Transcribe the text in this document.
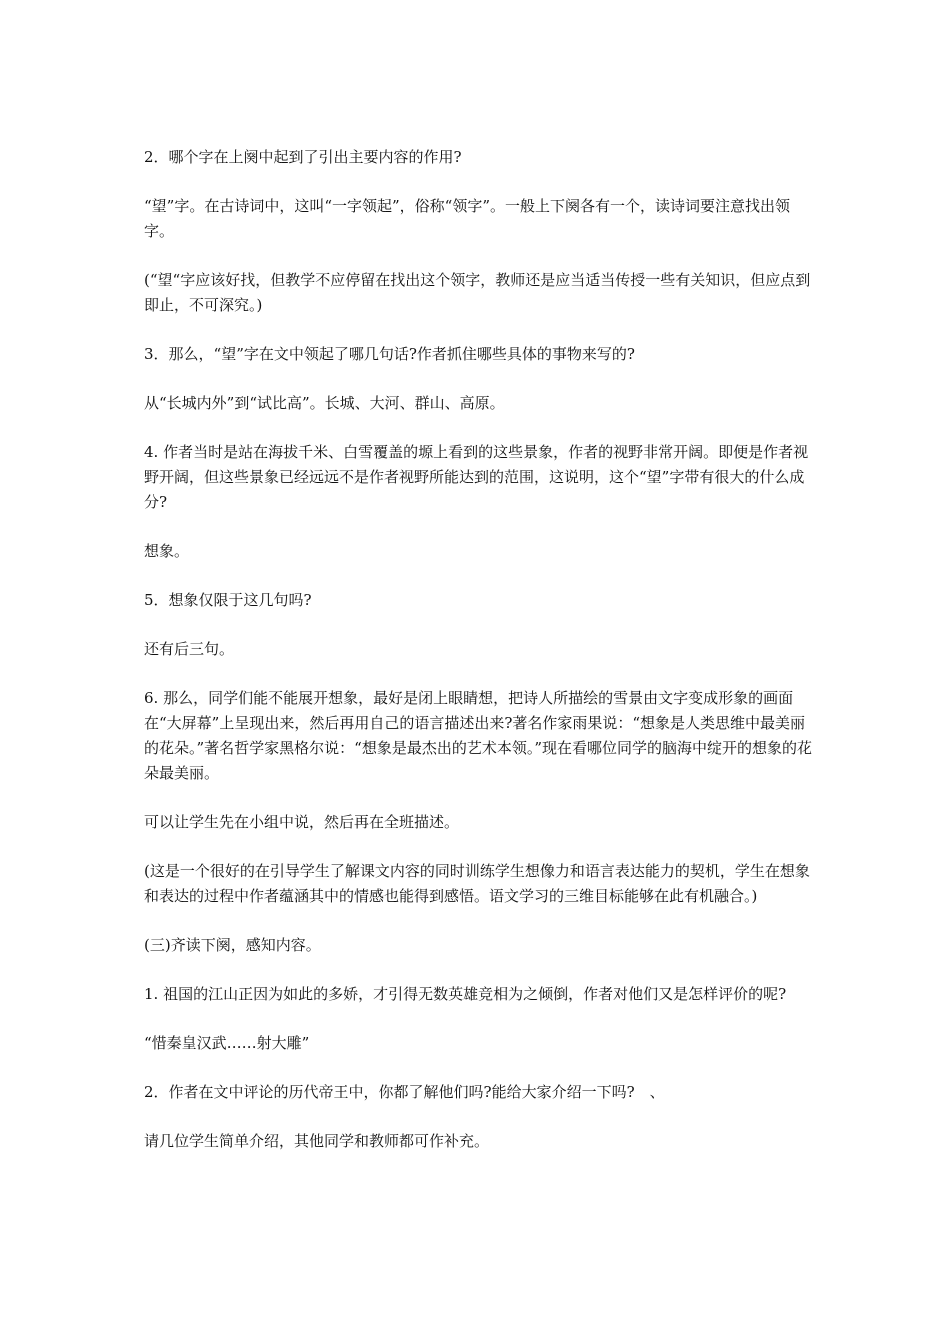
2．哪个字在上阕中起到了引出主要内容的作用?

“望”字。在古诗词中，这叫“一字领起”，俗称“领字”。一般上下阕各有一个，读诗词要注意找出领字。

(“望“字应该好找，但教学不应停留在找出这个领字，教师还是应当适当传授一些有关知识，但应点到即止，不可深究。)

3．那么，“望”字在文中领起了哪几句话?作者抓住哪些具体的事物来写的?

从“长城内外”到“试比高”。长城、大河、群山、高原。

4. 作者当时是站在海拔千米、白雪覆盖的塬上看到的这些景象，作者的视野非常开阔。即便是作者视野开阔，但这些景象已经远远不是作者视野所能达到的范围，这说明，这个“望”字带有很大的什么成分?

想象。

5．想象仅限于这几句吗?

还有后三句。

6. 那么，同学们能不能展开想象，最好是闭上眼睛想，把诗人所描绘的雪景由文字变成形象的画面在“大屏幕”上呈现出来，然后再用自己的语言描述出来?著名作家雨果说：“想象是人类思维中最美丽的花朵。”著名哲学家黑格尔说：“想象是最杰出的艺术本领。”现在看哪位同学的脑海中绽开的想象的花朵最美丽。

可以让学生先在小组中说，然后再在全班描述。

(这是一个很好的在引导学生了解课文内容的同时训练学生想像力和语言表达能力的契机，学生在想象和表达的过程中作者蕴涵其中的情感也能得到感悟。语文学习的三维目标能够在此有机融合。)

(三)齐读下阕，感知内容。

1. 祖国的江山正因为如此的多娇，才引得无数英雄竞相为之倾倒，作者对他们又是怎样评价的呢?

“惜秦皇汉武……射大雕”

2．作者在文中评论的历代帝王中，你都了解他们吗?能给大家介绍一下吗?　、

请几位学生简单介绍，其他同学和教师都可作补充。
